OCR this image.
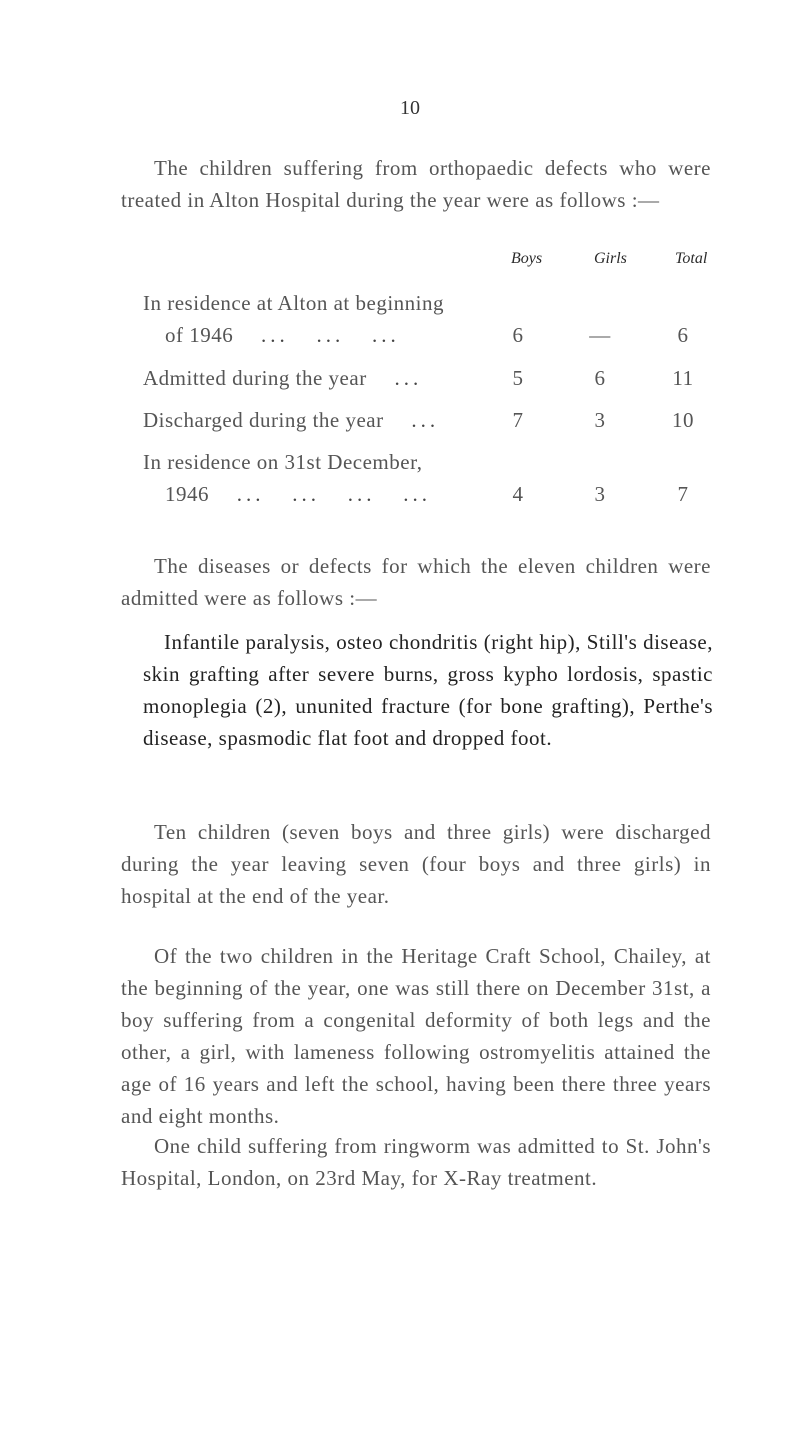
10

The children suffering from orthopaedic defects who were treated in Alton Hospital during the year were as follows :—

Boys	Girls	Total
In residence at Alton at beginning
of 1946   ...   ...   ...	6	—	6
Admitted during the year   ...	5	6	11
Discharged during the year   ...	7	3	10
In residence on 31st December,
1946   ...   ...   ...   ...	4	3	7

The diseases or defects for which the eleven children were admitted were as follows :—

Infantile paralysis, osteo chondritis (right hip), Still's disease, skin grafting after severe burns, gross kypho lordosis, spastic monoplegia (2), ununited fracture (for bone grafting), Perthe's disease, spasmodic flat foot and dropped foot.

Ten children (seven boys and three girls) were discharged during the year leaving seven (four boys and three girls) in hospital at the end of the year.

Of the two children in the Heritage Craft School, Chailey, at the beginning of the year, one was still there on December 31st, a boy suffering from a congenital deformity of both legs and the other, a girl, with lameness following ostromyelitis attained the age of 16 years and left the school, having been there three years and eight months.

One child suffering from ringworm was admitted to St. John's Hospital, London, on 23rd May, for X-Ray treatment.
